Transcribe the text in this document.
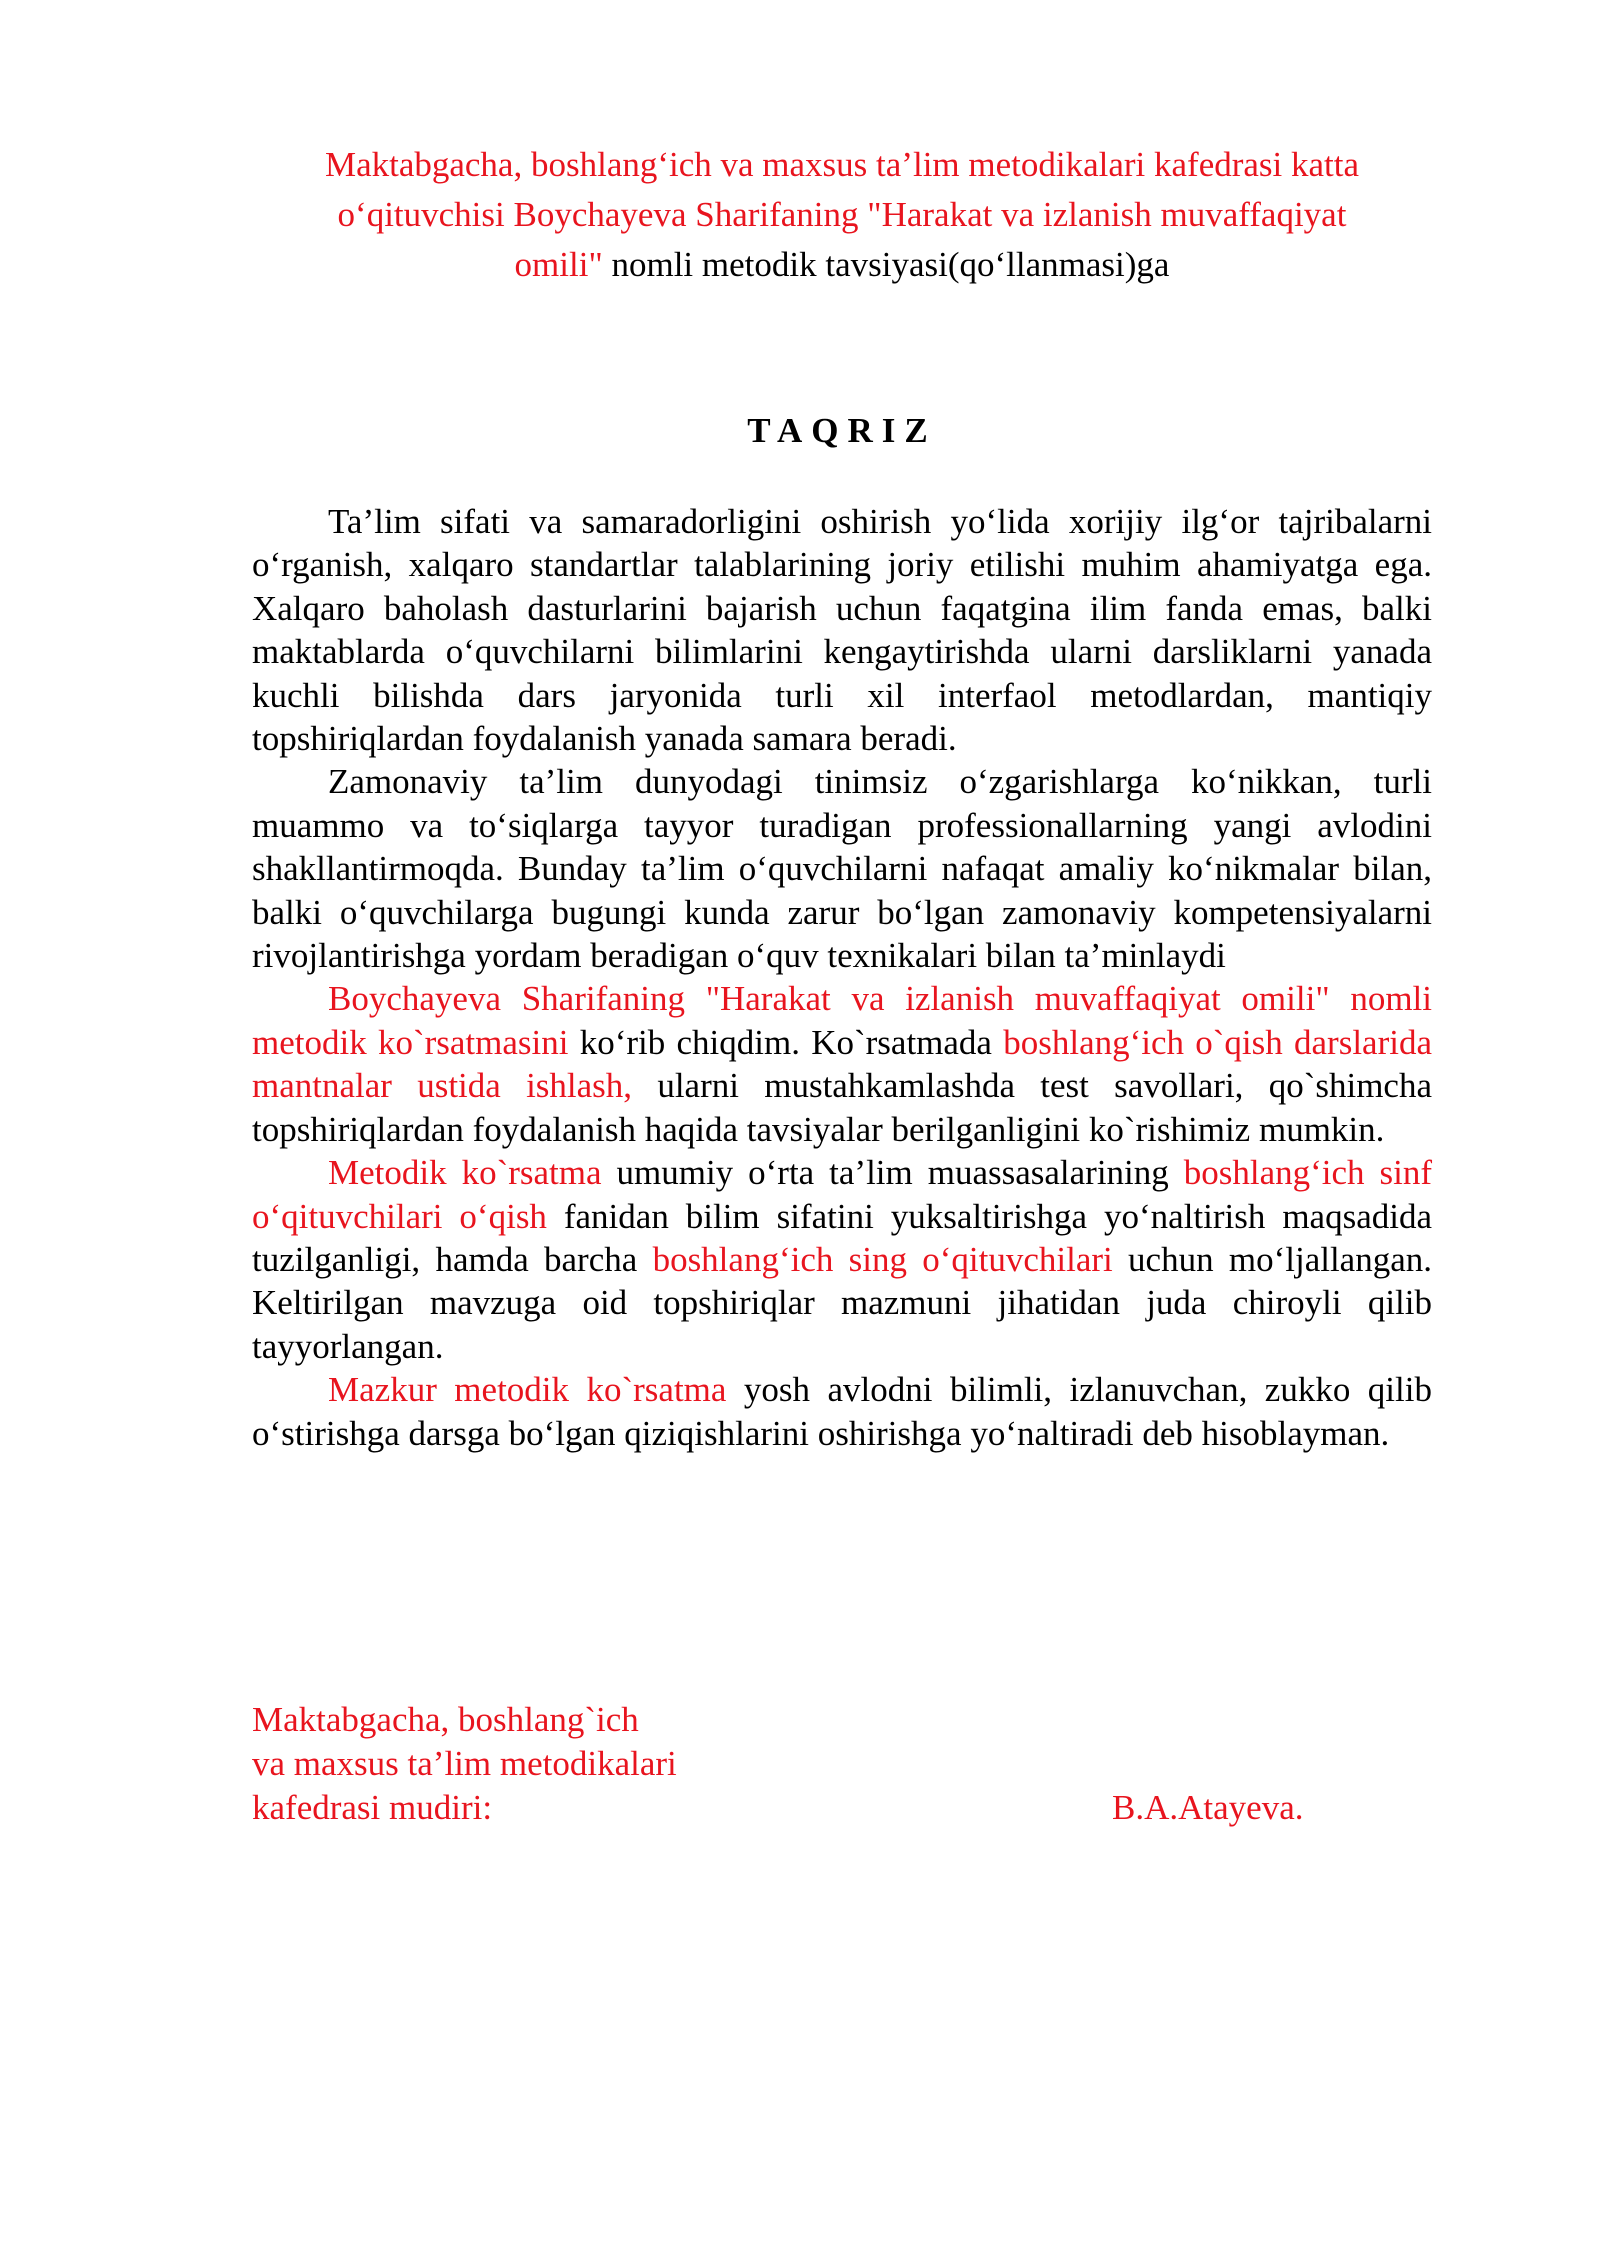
Maktabgacha, boshlang‘ich va maxsus ta’lim metodikalari kafedrasi katta
o‘qituvchisi Boychayeva Sharifaning "Harakat va izlanish muvaffaqiyat
omili" nomli metodik tavsiyasi(qo‘llanmasi)ga
TAQRIZ

Ta’lim sifati va samaradorligini oshirish yo‘lida xorijiy ilg‘or tajribalarni o‘rganish, xalqaro standartlar talablarining joriy etilishi muhim ahamiyatga ega. Xalqaro baholash dasturlarini bajarish uchun faqatgina ilim fanda emas, balki maktablarda o‘quvchilarni bilimlarini kengaytirishda ularni darsliklarni yanada kuchli bilishda dars jaryonida turli xil interfaol metodlardan, mantiqiy topshiriqlardan foydalanish yanada samara beradi.

Zamonaviy ta’lim dunyodagi tinimsiz o‘zgarishlarga ko‘nikkan, turli muammo va to‘siqlarga tayyor turadigan professionallarning yangi avlodini shakllantirmoqda. Bunday ta’lim o‘quvchilarni nafaqat amaliy ko‘nikmalar bilan, balki o‘quvchilarga bugungi kunda zarur bo‘lgan zamonaviy kompetensiyalarni rivojlantirishga yordam beradigan o‘quv texnikalari bilan ta’minlaydi

Boychayeva Sharifaning "Harakat va izlanish muvaffaqiyat omili" nomli metodik ko`rsatmasini ko‘rib chiqdim. Ko`rsatmada boshlang‘ich o`qish darslarida mantnalar ustida ishlash, ularni mustahkamlashda test savollari, qo`shimcha topshiriqlardan foydalanish haqida tavsiyalar berilganligini ko`rishimiz mumkin.

Metodik ko`rsatma umumiy o‘rta ta’lim muassasalarining boshlang‘ich sinf o‘qituvchilari o‘qish fanidan bilim sifatini yuksaltirishga yo‘naltirish maqsadida tuzilganligi, hamda barcha boshlang‘ich sing o‘qituvchilari uchun mo‘ljallangan. Keltirilgan mavzuga oid topshiriqlar mazmuni jihatidan juda chiroyli qilib tayyorlangan.

Mazkur metodik ko`rsatma yosh avlodni bilimli, izlanuvchan, zukko qilib o‘stirishga darsga bo‘lgan qiziqishlarini oshirishga yo‘naltiradi deb hisoblayman.

Maktabgacha, boshlang`ich
va maxsus ta’lim metodikalari
kafedrasi mudiri:	B.A.Atayeva.
